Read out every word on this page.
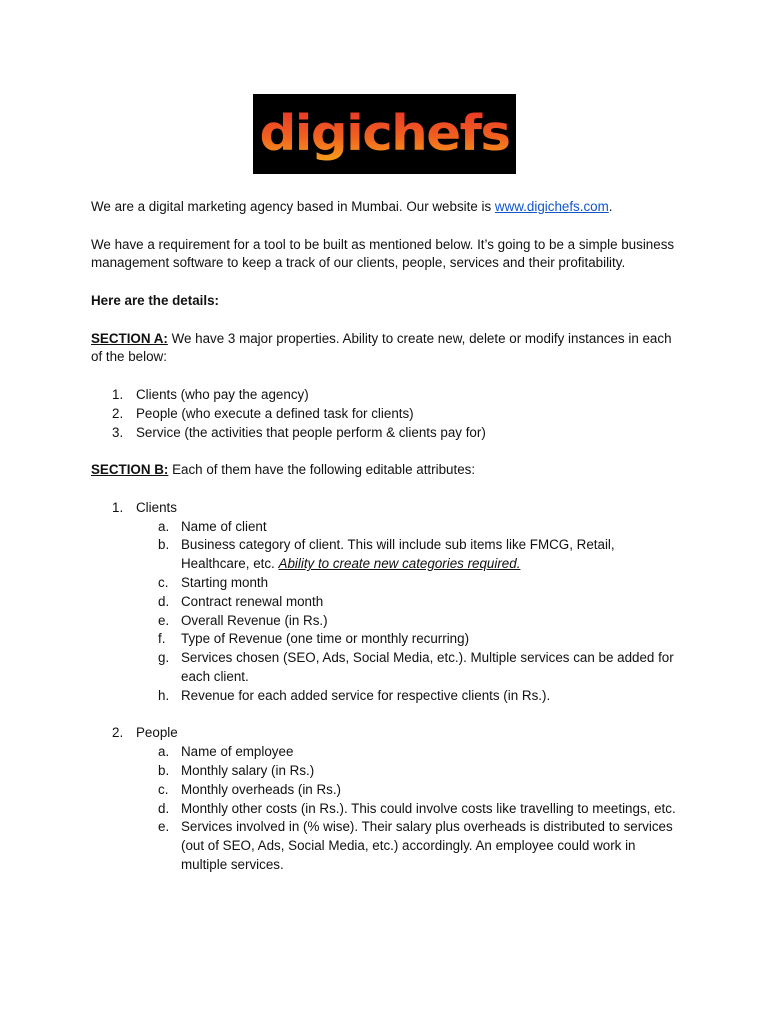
digichefs

We are a digital marketing agency based in Mumbai. Our website is www.digichefs.com.

We have a requirement for a tool to be built as mentioned below. It’s going to be a simple business management software to keep a track of our clients, people, services and their profitability.

Here are the details:

SECTION A: We have 3 major properties. Ability to create new, delete or modify instances in each of the below:

1. Clients (who pay the agency)
2. People (who execute a defined task for clients)
3. Service (the activities that people perform & clients pay for)

SECTION B: Each of them have the following editable attributes:

1. Clients
a. Name of client
b. Business category of client. This will include sub items like FMCG, Retail, Healthcare, etc. Ability to create new categories required.
c. Starting month
d. Contract renewal month
e. Overall Revenue (in Rs.)
f. Type of Revenue (one time or monthly recurring)
g. Services chosen (SEO, Ads, Social Media, etc.). Multiple services can be added for each client.
h. Revenue for each added service for respective clients (in Rs.).
2. People
a. Name of employee
b. Monthly salary (in Rs.)
c. Monthly overheads (in Rs.)
d. Monthly other costs (in Rs.). This could involve costs like travelling to meetings, etc.
e. Services involved in (% wise). Their salary plus overheads is distributed to services (out of SEO, Ads, Social Media, etc.) accordingly. An employee could work in multiple services.
